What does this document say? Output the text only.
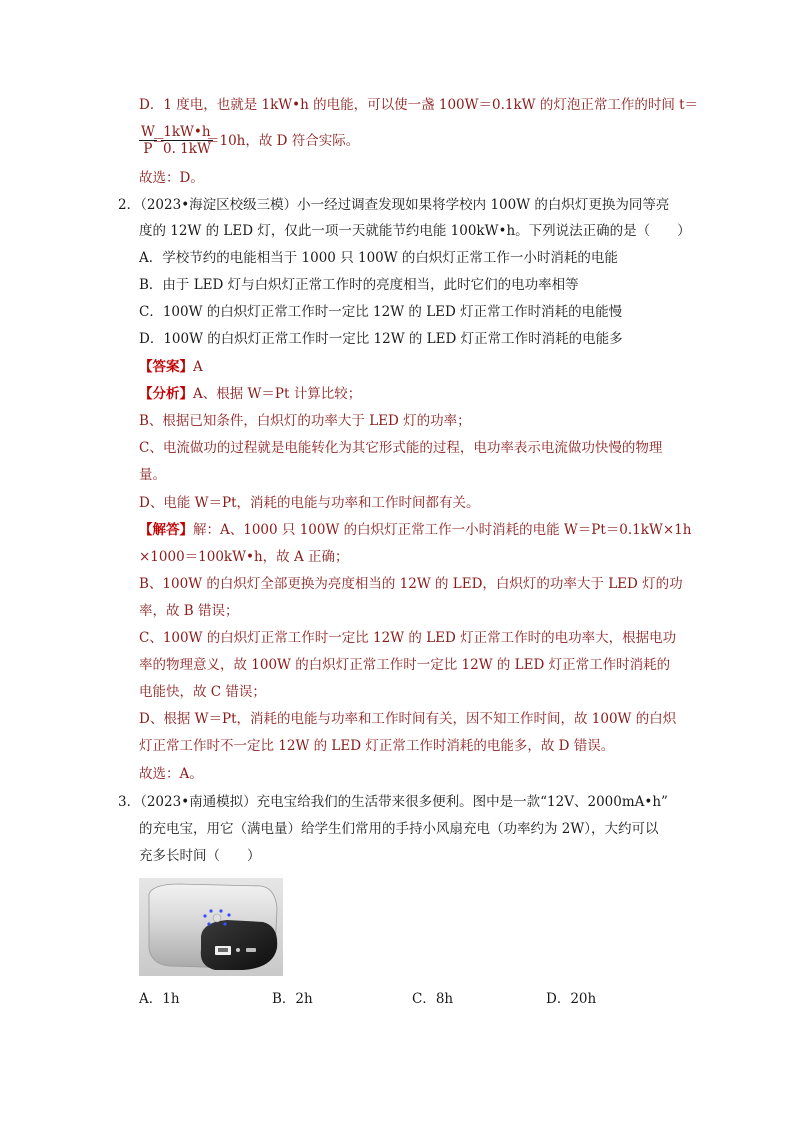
D．1 度电，也就是 1kW•h 的电能，可以使一盏 100W＝0.1kW 的灯泡正常工作的时间 t＝
$\frac{W}{P}$
＝
$\frac{1kW•h}{0. 1kW}$
＝10h，故 D 符合实际。
故选：D。
2．（2023•海淀区校级三模）小一经过调查发现如果将学校内 100W 的白炽灯更换为同等亮
度的 12W 的 LED 灯，仅此一项一天就能节约电能 100kW•h。下列说法正确的是（　　）
A．学校节约的电能相当于 1000 只 100W 的白炽灯正常工作一小时消耗的电能
B．由于 LED 灯与白炽灯正常工作时的亮度相当，此时它们的电功率相等
C．100W 的白炽灯正常工作时一定比 12W 的 LED 灯正常工作时消耗的电能慢
D．100W 的白炽灯正常工作时一定比 12W 的 LED 灯正常工作时消耗的电能多
【答案】A
【分析】A、根据 W＝Pt 计算比较；
B、根据已知条件，白炽灯的功率大于 LED 灯的功率；
C、电流做功的过程就是电能转化为其它形式能的过程，电功率表示电流做功快慢的物理
量。
D、电能 W＝Pt，消耗的电能与功率和工作时间都有关。
【解答】解：A、1000 只 100W 的白炽灯正常工作一小时消耗的电能 W＝Pt＝0.1kW×1h
×1000＝100kW•h，故 A 正确；
B、100W 的白炽灯全部更换为亮度相当的 12W 的 LED，白炽灯的功率大于 LED 灯的功
率，故 B 错误；
C、100W 的白炽灯正常工作时一定比 12W 的 LED 灯正常工作时的电功率大，根据电功
率的物理意义，故 100W 的白炽灯正常工作时一定比 12W 的 LED 灯正常工作时消耗的
电能快，故 C 错误；
D、根据 W＝Pt，消耗的电能与功率和工作时间有关，因不知工作时间，故 100W 的白炽
灯正常工作时不一定比 12W 的 LED 灯正常工作时消耗的电能多，故 D 错误。
故选：A。
3．（2023•南通模拟）充电宝给我们的生活带来很多便利。图中是一款“12V、2000mA•h”
的充电宝，用它（满电量）给学生们常用的手持小风扇充电（功率约为 2W），大约可以
充多长时间（　　）
A．1h	B．2h	C．8h	D．20h
